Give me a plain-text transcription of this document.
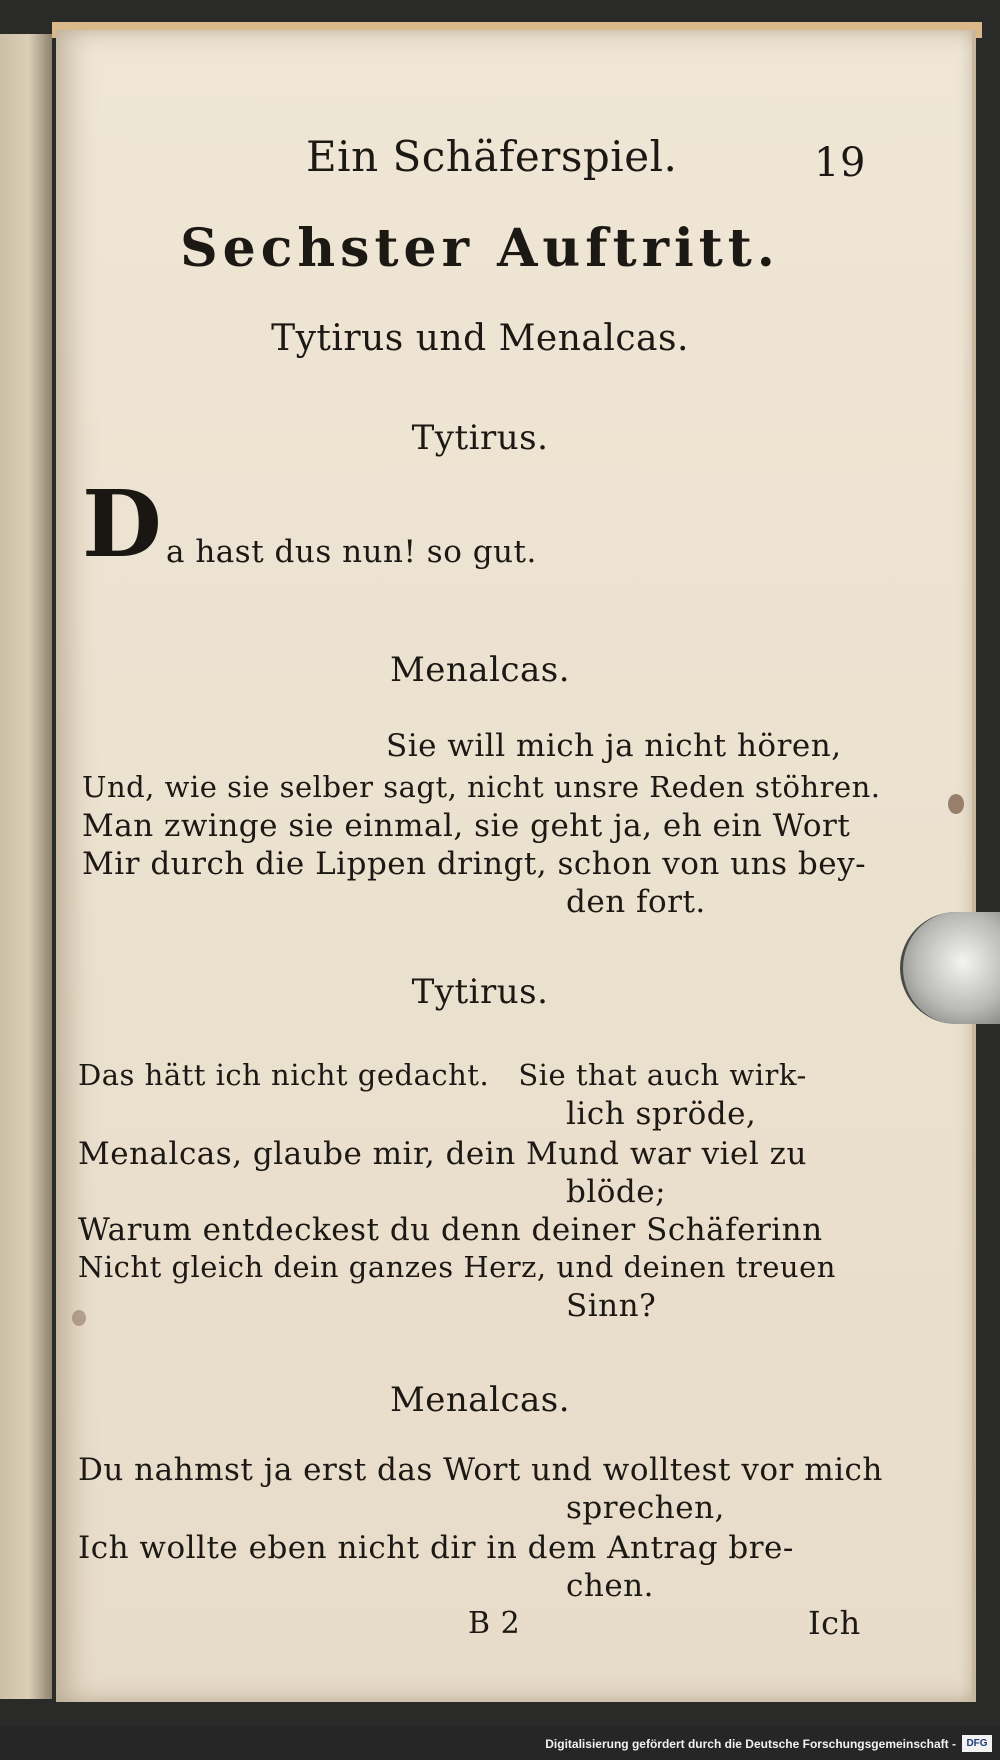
Ein Schäferspiel.	19
Sechster Auftritt.
Tytirus und Menalcas.
Tytirus.
D a hast dus nun! so gut.
Menalcas.
Sie will mich ja nicht hören,
Und, wie sie selber sagt, nicht unsre Reden stöhren.
Man zwinge sie einmal, sie geht ja, eh ein Wort
Mir durch die Lippen dringt, schon von uns bey-
den fort.
Tytirus.
Das hätt ich nicht gedacht.   Sie that auch wirk-
lich spröde,
Menalcas, glaube mir, dein Mund war viel zu
blöde;
Warum entdeckest du denn deiner Schäferinn
Nicht gleich dein ganzes Herz, und deinen treuen
Sinn?
Menalcas.
Du nahmst ja erst das Wort und wolltest vor mich
sprechen,
Ich wollte eben nicht dir in dem Antrag bre-
chen.
B 2	Ich
Digitalisierung gefördert durch die Deutsche Forschungsgemeinschaft -	DFG
